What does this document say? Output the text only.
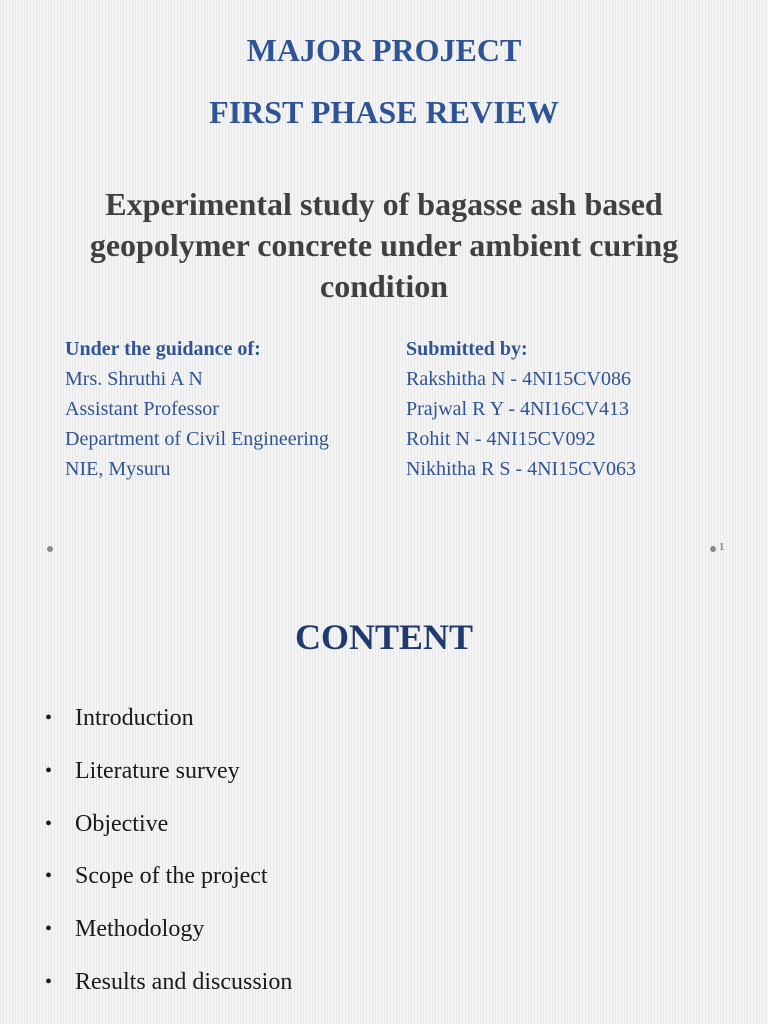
MAJOR PROJECT
FIRST PHASE REVIEW
Experimental study of bagasse ash based geopolymer concrete under ambient curing condition
Under the guidance of:
Mrs. Shruthi A N
Assistant Professor
Department of Civil Engineering
NIE, Mysuru
Submitted by:
Rakshitha N - 4NI15CV086
Prajwal R Y - 4NI16CV413
Rohit N - 4NI15CV092
Nikhitha R S - 4NI15CV063
1
CONTENT
• Introduction
• Literature survey
• Objective
• Scope of the project
• Methodology
• Results and discussion
